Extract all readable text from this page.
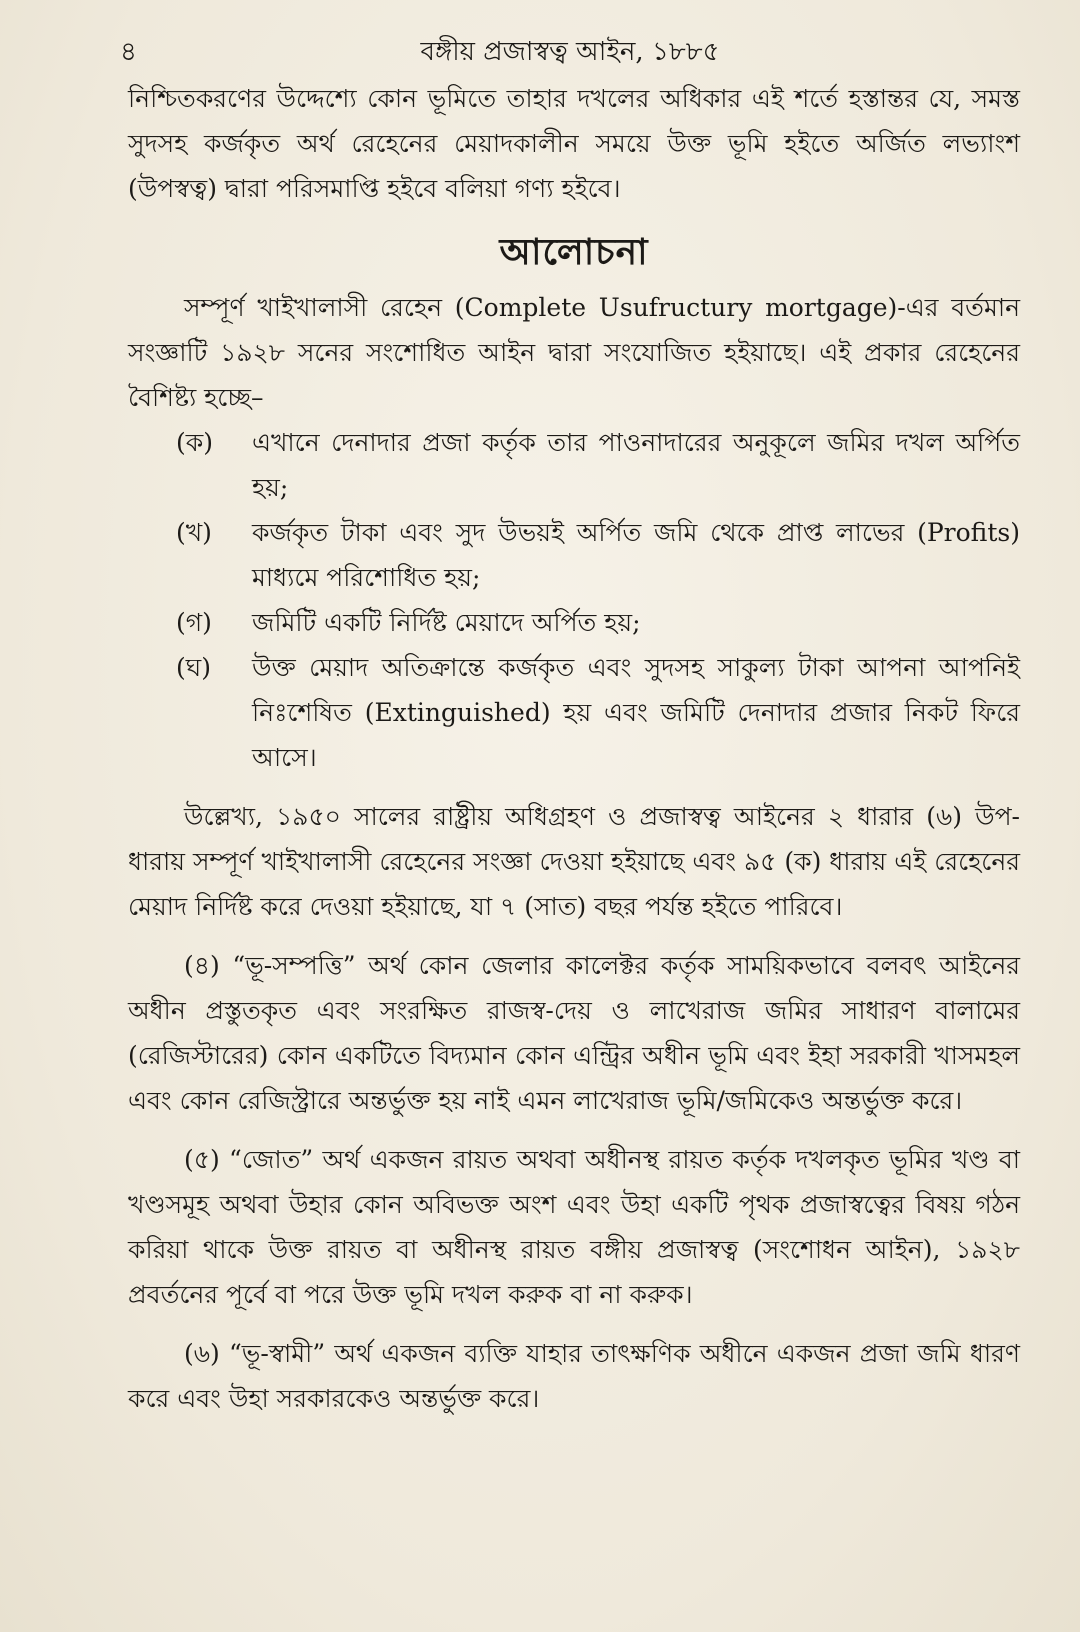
৪	বঙ্গীয় প্রজাস্বত্ব আইন, ১৮৮৫

নিশ্চিতকরণের উদ্দেশ্যে কোন ভূমিতে তাহার দখলের অধিকার এই শর্তে হস্তান্তর যে, সমস্ত সুদসহ কর্জকৃত অর্থ রেহেনের মেয়াদকালীন সময়ে উক্ত ভূমি হইতে অর্জিত লভ্যাংশ (উপস্বত্ব) দ্বারা পরিসমাপ্তি হইবে বলিয়া গণ্য হইবে।

আলোচনা

সম্পূর্ণ খাইখালাসী রেহেন (Complete Usufructury mortgage)-এর বর্তমান সংজ্ঞাটি ১৯২৮ সনের সংশোধিত আইন দ্বারা সংযোজিত হইয়াছে। এই প্রকার রেহেনের বৈশিষ্ট্য হচ্ছে–

(ক)	এখানে দেনাদার প্রজা কর্তৃক তার পাওনাদারের অনুকূলে জমির দখল অর্পিত হয়;
(খ)	কর্জকৃত টাকা এবং সুদ উভয়ই অর্পিত জমি থেকে প্রাপ্ত লাভের (Profits) মাধ্যমে পরিশোধিত হয়;
(গ)	জমিটি একটি নির্দিষ্ট মেয়াদে অর্পিত হয়;
(ঘ)	উক্ত মেয়াদ অতিক্রান্তে কর্জকৃত এবং সুদসহ সাকুল্য টাকা আপনা আপনিই নিঃশেষিত (Extinguished) হয় এবং জমিটি দেনাদার প্রজার নিকট ফিরে আসে।

উল্লেখ্য, ১৯৫০ সালের রাষ্ট্রীয় অধিগ্রহণ ও প্রজাস্বত্ব আইনের ২ ধারার (৬) উপ-ধারায় সম্পূর্ণ খাইখালাসী রেহেনের সংজ্ঞা দেওয়া হইয়াছে এবং ৯৫ (ক) ধারায় এই রেহেনের মেয়াদ নির্দিষ্ট করে দেওয়া হইয়াছে, যা ৭ (সাত) বছর পর্যন্ত হইতে পারিবে।

(৪) “ভূ-সম্পত্তি” অর্থ কোন জেলার কালেক্টর কর্তৃক সাময়িকভাবে বলবৎ আইনের অধীন প্রস্তুতকৃত এবং সংরক্ষিত রাজস্ব-দেয় ও লাখেরাজ জমির সাধারণ বালামের (রেজিস্টারের) কোন একটিতে বিদ্যমান কোন এন্ট্রির অধীন ভূমি এবং ইহা সরকারী খাসমহল এবং কোন রেজিস্ট্রারে অন্তর্ভুক্ত হয় নাই এমন লাখেরাজ ভূমি/জমিকেও অন্তর্ভুক্ত করে।

(৫) “জোত” অর্থ একজন রায়ত অথবা অধীনস্থ রায়ত কর্তৃক দখলকৃত ভূমির খণ্ড বা খণ্ডসমূহ অথবা উহার কোন অবিভক্ত অংশ এবং উহা একটি পৃথক প্রজাস্বত্বের বিষয় গঠন করিয়া থাকে উক্ত রায়ত বা অধীনস্থ রায়ত বঙ্গীয় প্রজাস্বত্ব (সংশোধন আইন), ১৯২৮ প্রবর্তনের পূর্বে বা পরে উক্ত ভূমি দখল করুক বা না করুক।

(৬) “ভূ-স্বামী” অর্থ একজন ব্যক্তি যাহার তাৎক্ষণিক অধীনে একজন প্রজা জমি ধারণ করে এবং উহা সরকারকেও অন্তর্ভুক্ত করে।
